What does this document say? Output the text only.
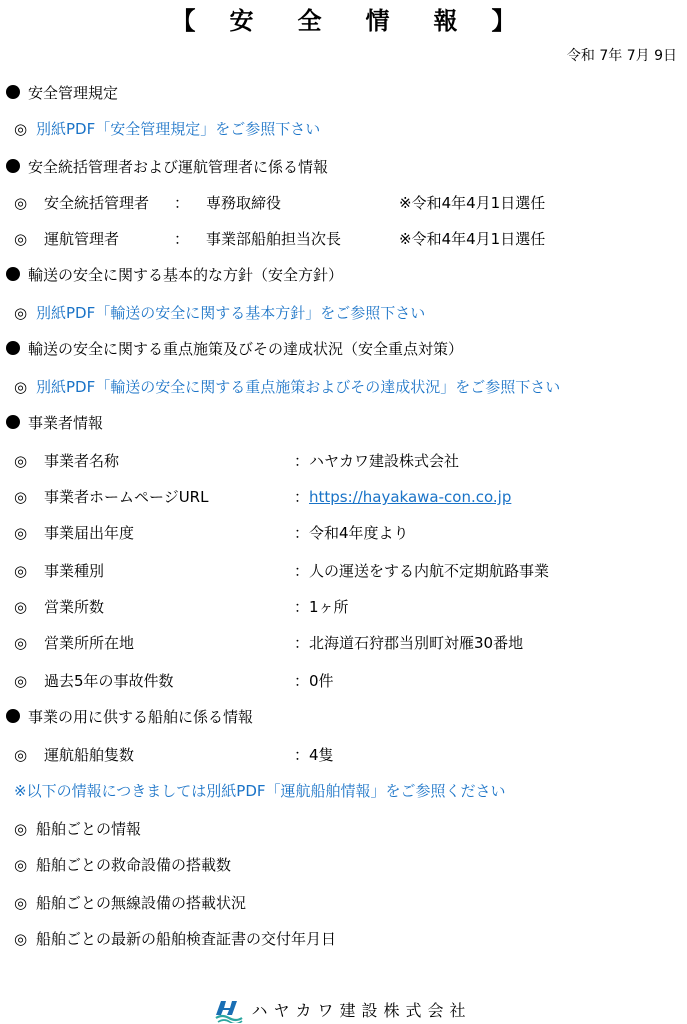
【 安 全 情 報 】
令和 7年 7月 9日
安全管理規定
◎ 別紙PDF「安全管理規定」をご参照下さい
安全統括管理者および運航管理者に係る情報
◎	安全統括管理者 ： 専務取締役	※令和4年4月1日選任
◎	運航管理者	： 事業部船舶担当次長	※令和4年4月1日選任
輸送の安全に関する基本的な方針（安全方針）
◎ 別紙PDF「輸送の安全に関する基本方針」をご参照下さい
輸送の安全に関する重点施策及びその達成状況（安全重点対策）
◎ 別紙PDF「輸送の安全に関する重点施策およびその達成状況」をご参照下さい
事業者情報
◎	事業者名称	：ハヤカワ建設株式会社
◎	事業者ホームページURL	：https://hayakawa-con.co.jp
◎	事業届出年度	：令和4年度より
◎	事業種別	：人の運送をする内航不定期航路事業
◎	営業所数	：1ヶ所
◎	営業所所在地	：北海道石狩郡当別町対雁30番地
◎	過去5年の事故件数	：0件
事業の用に供する船舶に係る情報
◎	運航船舶隻数	：4隻
※以下の情報につきましては別紙PDF「運航船舶情報」をご参照ください
◎ 船舶ごとの情報
◎ 船舶ごとの救命設備の搭載数
◎ 船舶ごとの無線設備の搭載状況
◎ 船舶ごとの最新の船舶検査証書の交付年月日
ハヤカワ建設株式会社
